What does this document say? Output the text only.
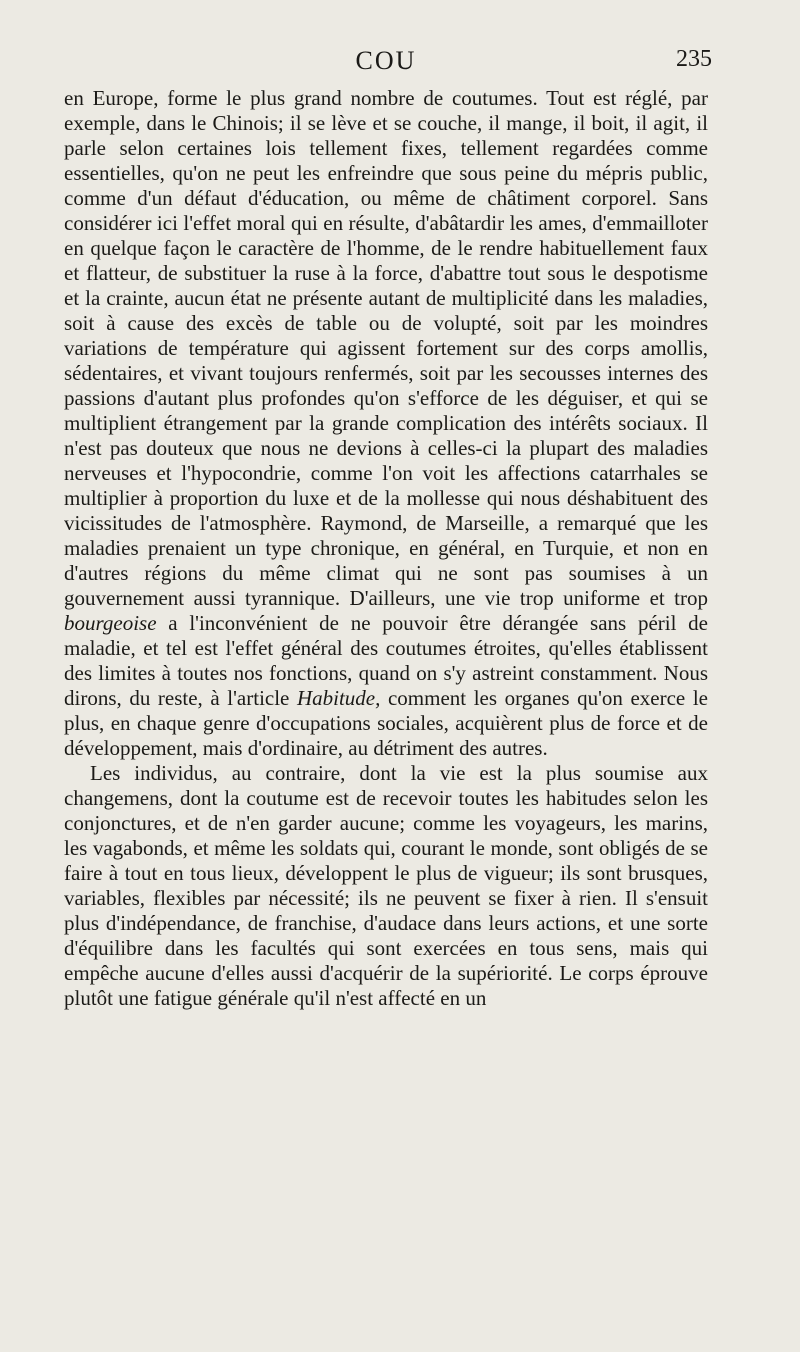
COU	235

en Europe, forme le plus grand nombre de coutumes. Tout est réglé, par exemple, dans le Chinois; il se lève et se couche, il mange, il boit, il agit, il parle selon certaines lois tellement fixes, tellement regardées comme essentielles, qu'on ne peut les enfreindre que sous peine du mépris public, comme d'un défaut d'éducation, ou même de châtiment corporel. Sans considérer ici l'effet moral qui en résulte, d'abâtardir les ames, d'emmailloter en quelque façon le caractère de l'homme, de le rendre habituellement faux et flatteur, de substituer la ruse à la force, d'abattre tout sous le despotisme et la crainte, aucun état ne présente autant de multiplicité dans les maladies, soit à cause des excès de table ou de volupté, soit par les moindres variations de température qui agissent fortement sur des corps amollis, sédentaires, et vivant toujours renfermés, soit par les secousses internes des passions d'autant plus profondes qu'on s'efforce de les déguiser, et qui se multiplient étrangement par la grande complication des intérêts sociaux. Il n'est pas douteux que nous ne devions à celles-ci la plupart des maladies nerveuses et l'hypocondrie, comme l'on voit les affections catarrhales se multiplier à proportion du luxe et de la mollesse qui nous déshabituent des vicissitudes de l'atmosphère. Raymond, de Marseille, a remarqué que les maladies prenaient un type chronique, en général, en Turquie, et non en d'autres régions du même climat qui ne sont pas soumises à un gouvernement aussi tyrannique. D'ailleurs, une vie trop uniforme et trop bourgeoise a l'inconvénient de ne pouvoir être dérangée sans péril de maladie, et tel est l'effet général des coutumes étroites, qu'elles établissent des limites à toutes nos fonctions, quand on s'y astreint constamment. Nous dirons, du reste, à l'article Habitude, comment les organes qu'on exerce le plus, en chaque genre d'occupations sociales, acquièrent plus de force et de développement, mais d'ordinaire, au détriment des autres.

Les individus, au contraire, dont la vie est la plus soumise aux changemens, dont la coutume est de recevoir toutes les habitudes selon les conjonctures, et de n'en garder aucune; comme les voyageurs, les marins, les vagabonds, et même les soldats qui, courant le monde, sont obligés de se faire à tout en tous lieux, développent le plus de vigueur; ils sont brusques, variables, flexibles par nécessité; ils ne peuvent se fixer à rien. Il s'ensuit plus d'indépendance, de franchise, d'audace dans leurs actions, et une sorte d'équilibre dans les facultés qui sont exercées en tous sens, mais qui empêche aucune d'elles aussi d'acquérir de la supériorité. Le corps éprouve plutôt une fatigue générale qu'il n'est affecté en un
